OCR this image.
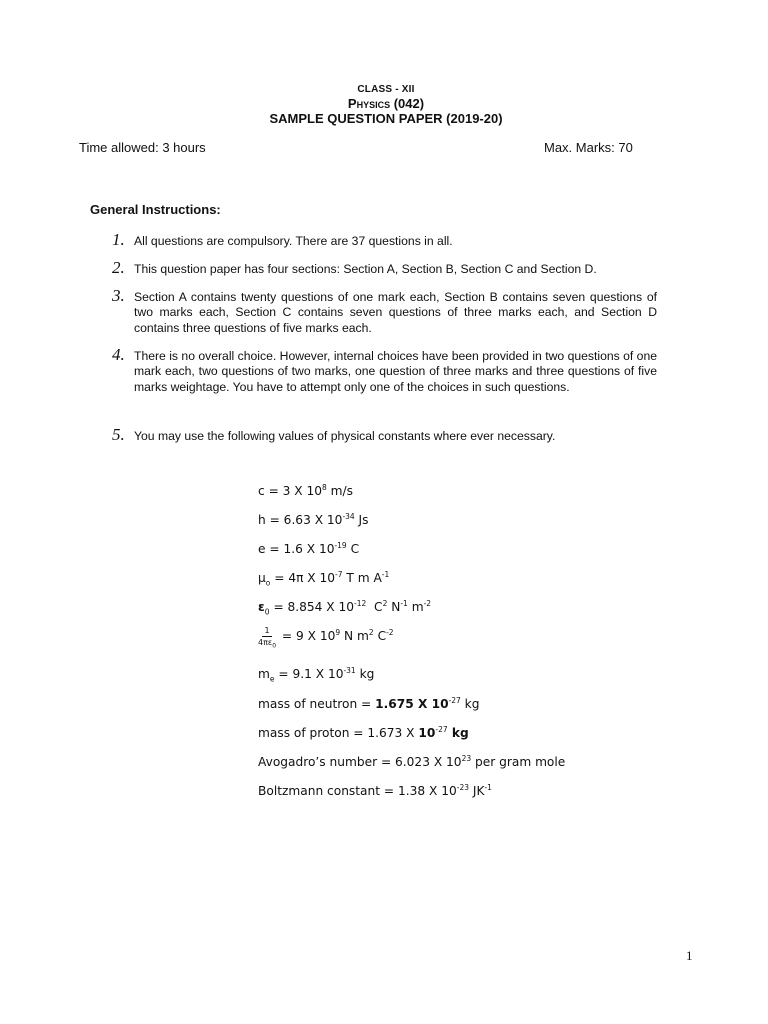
CLASS - XII
Physics (042)
SAMPLE QUESTION PAPER (2019-20)
Time allowed: 3 hours	Max. Marks: 70
General Instructions:
1. All questions are compulsory. There are 37 questions in all.
2. This question paper has four sections: Section A, Section B, Section C and Section D.
3. Section A contains twenty questions of one mark each, Section B contains seven questions of two marks each, Section C contains seven questions of three marks each, and Section D contains three questions of five marks each.
4. There is no overall choice. However, internal choices have been provided in two questions of one mark each, two questions of two marks, one question of three marks and three questions of five marks weightage. You have to attempt only one of the choices in such questions.
5. You may use the following values of physical constants where ever necessary.
c = 3 X $10^8$ m/s
h = 6.63 X $10^{-34}$ Js
e = 1.6 X $10^{-19}$ C
$\mu_o = 4\pi$ X $10^{-7}$ T m $A^{-1}$
$\varepsilon_0 = 8.854$ X $10^{-12}$  $C^2$ $N^{-1}$ $m^{-2}$
$\frac{1}{4\pi\varepsilon_0} = 9$ X $10^9$ N $m^2$ $C^{-2}$
$m_e = 9.1$ X $10^{-31}$ kg
mass of neutron = 1.675 X $10^{-27}$ kg
mass of proton = 1.673 X $10^{-27}$ kg
Avogadro’s number = 6.023 X $10^{23}$ per gram mole
Boltzmann constant = 1.38 X $10^{-23}$ $JK^{-1}$
1
